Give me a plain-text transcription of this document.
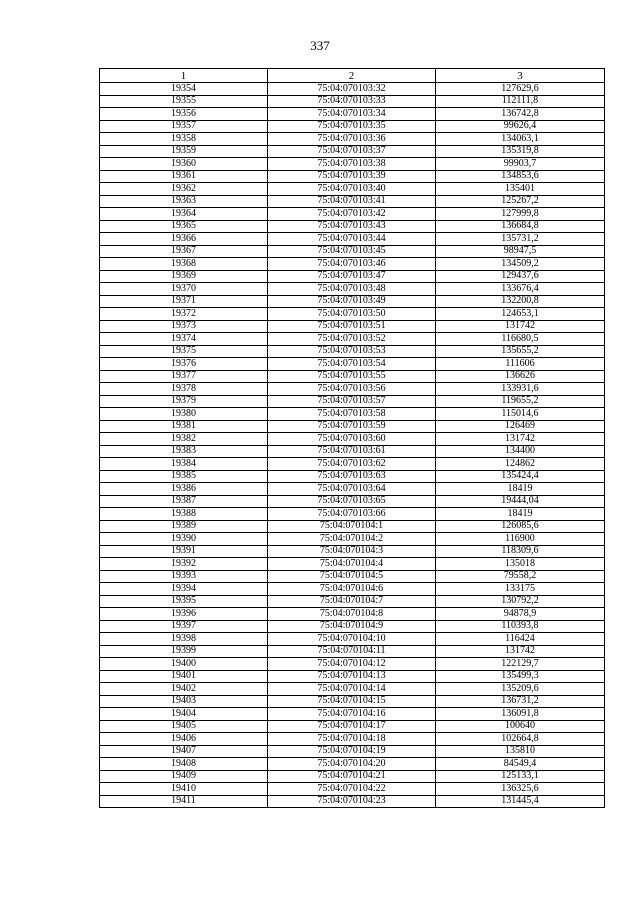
337
1	2	3
19354	75:04:070103:32	127629,6
19355	75:04:070103:33	112111,8
19356	75:04:070103:34	136742,8
19357	75:04:070103:35	99626,4
19358	75:04:070103:36	134063,1
19359	75:04:070103:37	135319,8
19360	75:04:070103:38	99903,7
19361	75:04:070103:39	134853,6
19362	75:04:070103:40	135401
19363	75:04:070103:41	125267,2
19364	75:04:070103:42	127999,8
19365	75:04:070103:43	136684,8
19366	75:04:070103:44	135731,2
19367	75:04:070103:45	98947,5
19368	75:04:070103:46	134509,2
19369	75:04:070103:47	129437,6
19370	75:04:070103:48	133676,4
19371	75:04:070103:49	132200,8
19372	75:04:070103:50	124653,1
19373	75:04:070103:51	131742
19374	75:04:070103:52	116680,5
19375	75:04:070103:53	135655,2
19376	75:04:070103:54	111606
19377	75:04:070103:55	136626
19378	75:04:070103:56	133931,6
19379	75:04:070103:57	119655,2
19380	75:04:070103:58	115014,6
19381	75:04:070103:59	126469
19382	75:04:070103:60	131742
19383	75:04:070103:61	134400
19384	75:04:070103:62	124862
19385	75:04:070103:63	135424,4
19386	75:04:070103:64	18419
19387	75:04:070103:65	19444,04
19388	75:04:070103:66	18419
19389	75:04:070104:1	126085,6
19390	75:04:070104:2	116900
19391	75:04:070104:3	118309,6
19392	75:04:070104:4	135018
19393	75:04:070104:5	79558,2
19394	75:04:070104:6	133175
19395	75:04:070104:7	130792,2
19396	75:04:070104:8	94878,9
19397	75:04:070104:9	110393,8
19398	75:04:070104:10	116424
19399	75:04:070104:11	131742
19400	75:04:070104:12	122129,7
19401	75:04:070104:13	135499,3
19402	75:04:070104:14	135209,6
19403	75:04:070104:15	136731,2
19404	75:04:070104:16	136091,8
19405	75:04:070104:17	100640
19406	75:04:070104:18	102664,8
19407	75:04:070104:19	135810
19408	75:04:070104:20	84549,4
19409	75:04:070104:21	125133,1
19410	75:04:070104:22	136325,6
19411	75:04:070104:23	131445,4
